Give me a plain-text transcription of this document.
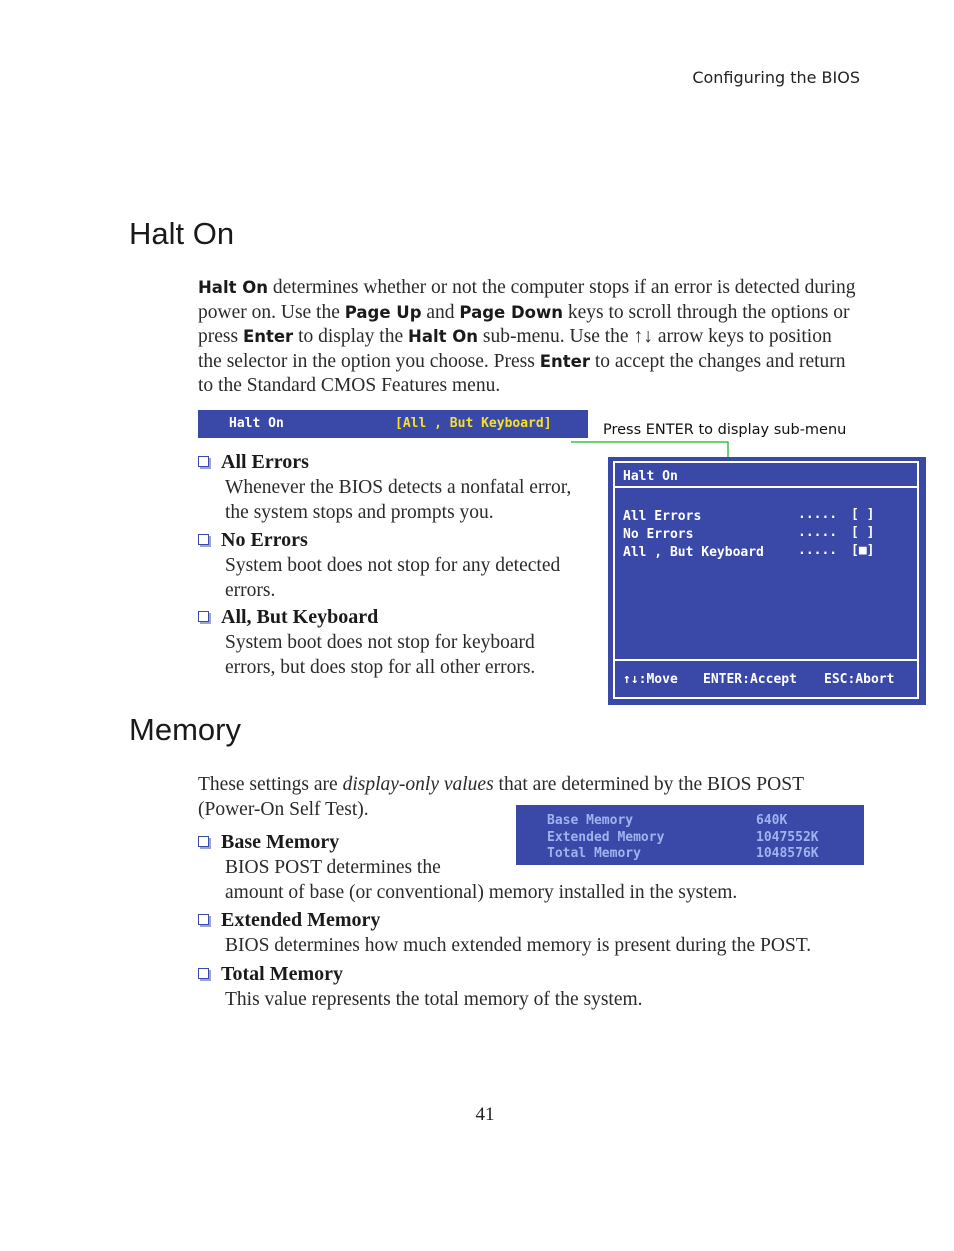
Configuring the BIOS
Halt On
Halt On determines whether or not the computer stops if an error is detected during power on. Use the Page Up and Page Down keys to scroll through the options or press Enter to display the Halt On sub-menu. Use the ↑↓ arrow keys to position the selector in the option you choose. Press Enter to accept the changes and return to the Standard CMOS Features menu.
Halt On	[All , But Keyboard]	Press ENTER to display sub-menu
Halt On
All Errors	..... [ ]
No Errors	..... [ ]
All , But Keyboard	..... [■]
↑↓:Move ENTER:Accept ESC:Abort
All Errors
Whenever the BIOS detects a nonfatal error,
the system stops and prompts you.
No Errors
System boot does not stop for any detected
errors.
All, But Keyboard
System boot does not stop for keyboard
errors, but does stop for all other errors.
Memory
These settings are display-only values that are determined by the BIOS POST
(Power-On Self Test).
Base Memory	640K
Extended Memory	1047552K
Total Memory	1048576K
Base Memory
BIOS POST determines the
amount of base (or conventional) memory installed in the system.
Extended Memory
BIOS determines how much extended memory is present during the POST.
Total Memory
This value represents the total memory of the system.
41
